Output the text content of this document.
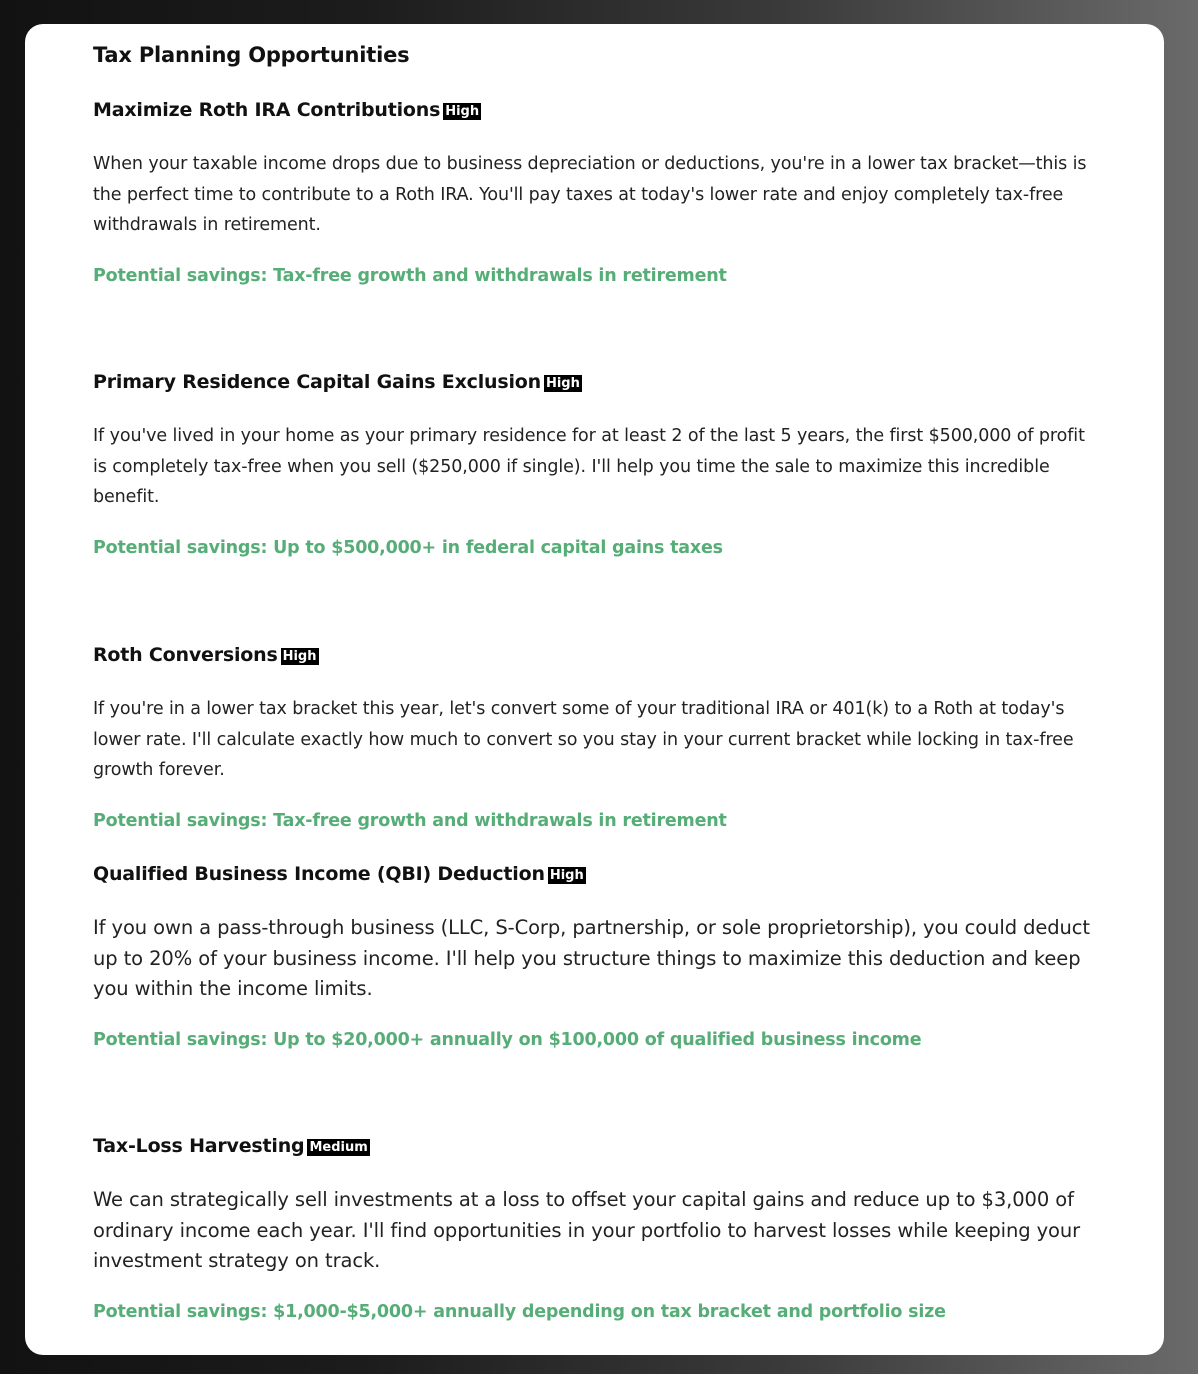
Tax Planning Opportunities
Maximize Roth IRA Contributions High

When your taxable income drops due to business depreciation or deductions, you're in a lower tax bracket—this is the perfect time to contribute to a Roth IRA. You'll pay taxes at today's lower rate and enjoy completely tax-free withdrawals in retirement.

Potential savings: Tax-free growth and withdrawals in retirement

Primary Residence Capital Gains Exclusion High

If you've lived in your home as your primary residence for at least 2 of the last 5 years, the first $500,000 of profit is completely tax-free when you sell ($250,000 if single). I'll help you time the sale to maximize this incredible benefit.

Potential savings: Up to $500,000+ in federal capital gains taxes

Roth Conversions High

If you're in a lower tax bracket this year, let's convert some of your traditional IRA or 401(k) to a Roth at today's lower rate. I'll calculate exactly how much to convert so you stay in your current bracket while locking in tax-free growth forever.

Potential savings: Tax-free growth and withdrawals in retirement

Qualified Business Income (QBI) Deduction High

If you own a pass-through business (LLC, S-Corp, partnership, or sole proprietorship), you could deduct up to 20% of your business income. I'll help you structure things to maximize this deduction and keep you within the income limits.

Potential savings: Up to $20,000+ annually on $100,000 of qualified business income

Tax-Loss Harvesting Medium

We can strategically sell investments at a loss to offset your capital gains and reduce up to $3,000 of ordinary income each year. I'll find opportunities in your portfolio to harvest losses while keeping your investment strategy on track.

Potential savings: $1,000-$5,000+ annually depending on tax bracket and portfolio size
